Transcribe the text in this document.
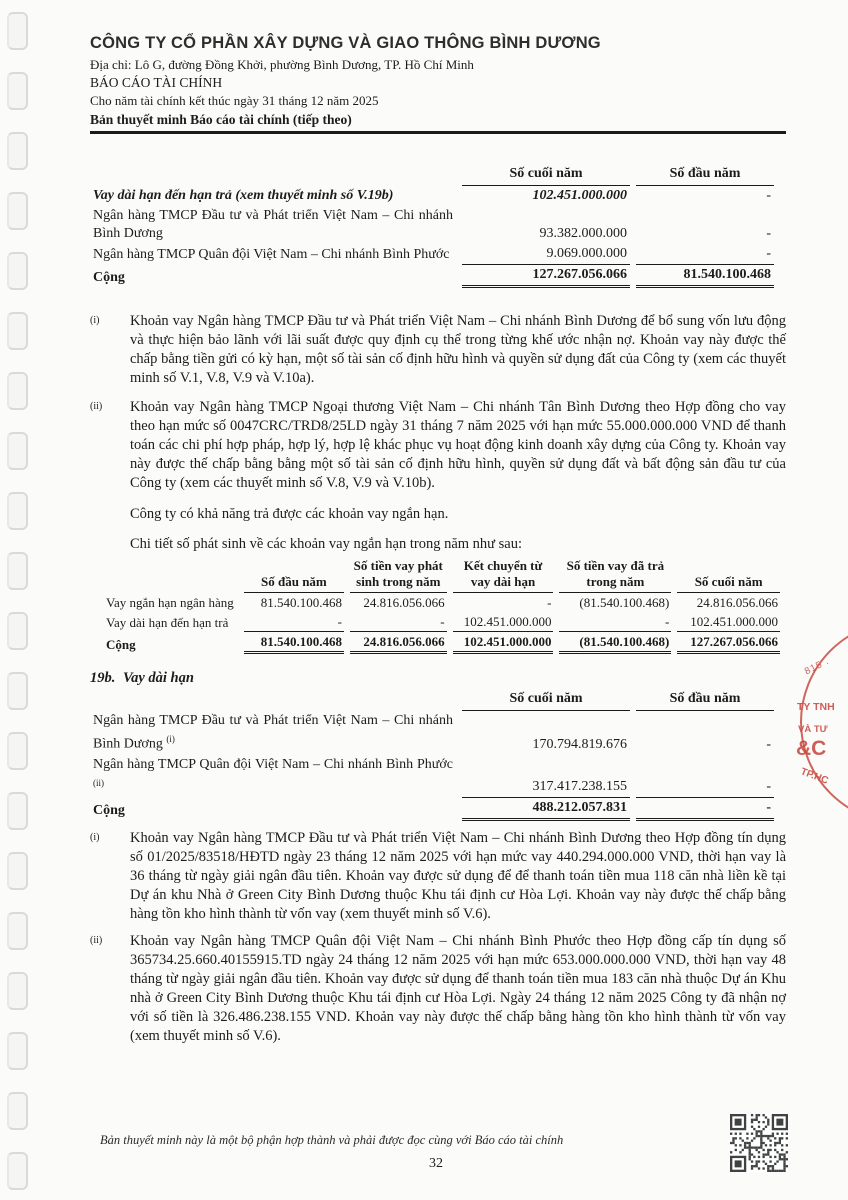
CÔNG TY CỔ PHẦN XÂY DỰNG VÀ GIAO THÔNG BÌNH DƯƠNG
Địa chỉ: Lô G, đường Đồng Khởi, phường Bình Dương, TP. Hồ Chí Minh
BÁO CÁO TÀI CHÍNH
Cho năm tài chính kết thúc ngày 31 tháng 12 năm 2025
Bản thuyết minh Báo cáo tài chính (tiếp theo)
	Số cuối năm	Số đầu năm
Vay dài hạn đến hạn trả (xem thuyết minh số V.19b)	102.451.000.000	-
Ngân hàng TMCP Đầu tư và Phát triển Việt Nam – Chi nhánh Bình Dương	93.382.000.000	-
Ngân hàng TMCP Quân đội Việt Nam – Chi nhánh Bình Phước	9.069.000.000	-
Cộng	127.267.056.066	81.540.100.468
(i)	Khoản vay Ngân hàng TMCP Đầu tư và Phát triển Việt Nam – Chi nhánh Bình Dương để bổ sung vốn lưu động và thực hiện bảo lãnh với lãi suất được quy định cụ thể trong từng khế ước nhận nợ. Khoản vay này được thế chấp bằng tiền gửi có kỳ hạn, một số tài sản cố định hữu hình và quyền sử dụng đất của Công ty (xem các thuyết minh số V.1, V.8, V.9 và V.10a).
(ii)	Khoản vay Ngân hàng TMCP Ngoại thương Việt Nam – Chi nhánh Tân Bình Dương theo Hợp đồng cho vay theo hạn mức số 0047CRC/TRD8/25LD ngày 31 tháng 7 năm 2025 với hạn mức 55.000.000.000 VND để thanh toán các chi phí hợp pháp, hợp lý, hợp lệ khác phục vụ hoạt động kinh doanh xây dựng của Công ty. Khoản vay này được thế chấp bằng bằng một số tài sản cố định hữu hình, quyền sử dụng đất và bất động sản đầu tư của Công ty (xem các thuyết minh số V.8, V.9 và V.10b).
Công ty có khả năng trả được các khoản vay ngắn hạn.
Chi tiết số phát sinh về các khoản vay ngắn hạn trong năm như sau:
	Số đầu năm	Số tiền vay phát sinh trong năm	Kết chuyển từ vay dài hạn	Số tiền vay đã trả trong năm	Số cuối năm
Vay ngắn hạn ngân hàng	81.540.100.468	24.816.056.066	-	(81.540.100.468)	24.816.056.066
Vay dài hạn đến hạn trả	-	-	102.451.000.000	-	102.451.000.000
Cộng	81.540.100.468	24.816.056.066	102.451.000.000	(81.540.100.468)	127.267.056.066
19b. Vay dài hạn
	Số cuối năm	Số đầu năm
Ngân hàng TMCP Đầu tư và Phát triển Việt Nam – Chi nhánh Bình Dương $^{(i)}$	170.794.819.676	-
Ngân hàng TMCP Quân đội Việt Nam – Chi nhánh Bình Phước $^{(ii)}$	317.417.238.155	-
Cộng	488.212.057.831	-
(i)	Khoản vay Ngân hàng TMCP Đầu tư và Phát triển Việt Nam – Chi nhánh Bình Dương theo Hợp đồng tín dụng số 01/2025/83518/HĐTD ngày 23 tháng 12 năm 2025 với hạn mức vay 440.294.000.000 VND, thời hạn vay là 36 tháng từ ngày giải ngân đầu tiên. Khoản vay được sử dụng để để thanh toán tiền mua 118 căn nhà liền kề tại Dự án khu Nhà ở Green City Bình Dương thuộc Khu tái định cư Hòa Lợi. Khoản vay này được thế chấp bằng hàng tồn kho hình thành từ vốn vay (xem thuyết minh số V.6).
(ii)	Khoản vay Ngân hàng TMCP Quân đội Việt Nam – Chi nhánh Bình Phước theo Hợp đồng cấp tín dụng số 365734.25.660.40155915.TD ngày 24 tháng 12 năm 2025 với hạn mức 653.000.000.000 VND, thời hạn vay 48 tháng từ ngày giải ngân đầu tiên. Khoản vay được sử dụng để thanh toán tiền mua 183 căn nhà thuộc Dự án Khu nhà ở Green City Bình Dương thuộc Khu tái định cư Hòa Lợi. Ngày 24 tháng 12 năm 2025 Công ty đã nhận nợ với số tiền là 326.486.238.155 VND. Khoản vay này được thế chấp bằng hàng tồn kho hình thành từ vốn vay (xem thuyết minh số V.6).
815 .
TY TNH
VÀ TƯ
&C
TP.HC
Bản thuyết minh này là một bộ phận hợp thành và phải được đọc cùng với Báo cáo tài chính
32
